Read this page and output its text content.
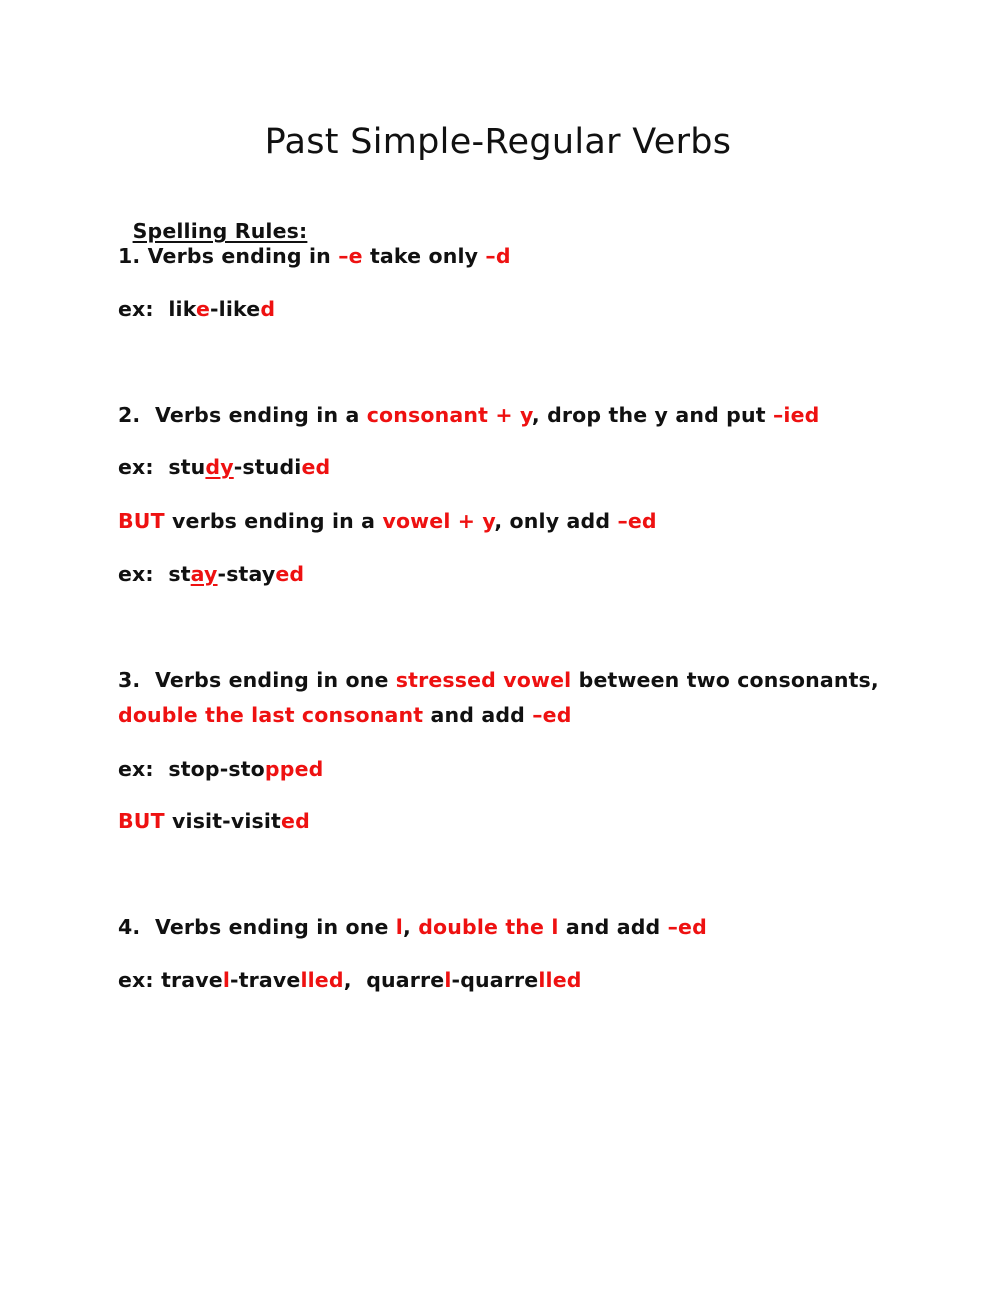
Past Simple-Regular Verbs

Spelling Rules:

1. Verbs ending in –e take only –d
ex: like-liked
2. Verbs ending in a consonant + y, drop the y and put –ied
ex: study-studied
BUT verbs ending in a vowel + y, only add –ed
ex: stay-stayed
3. Verbs ending in one stressed vowel between two consonants,
double the last consonant and add –ed
ex: stop-stopped
BUT visit-visited
4. Verbs ending in one l, double the l and add –ed
ex: travel-travelled, quarrel-quarrelled
